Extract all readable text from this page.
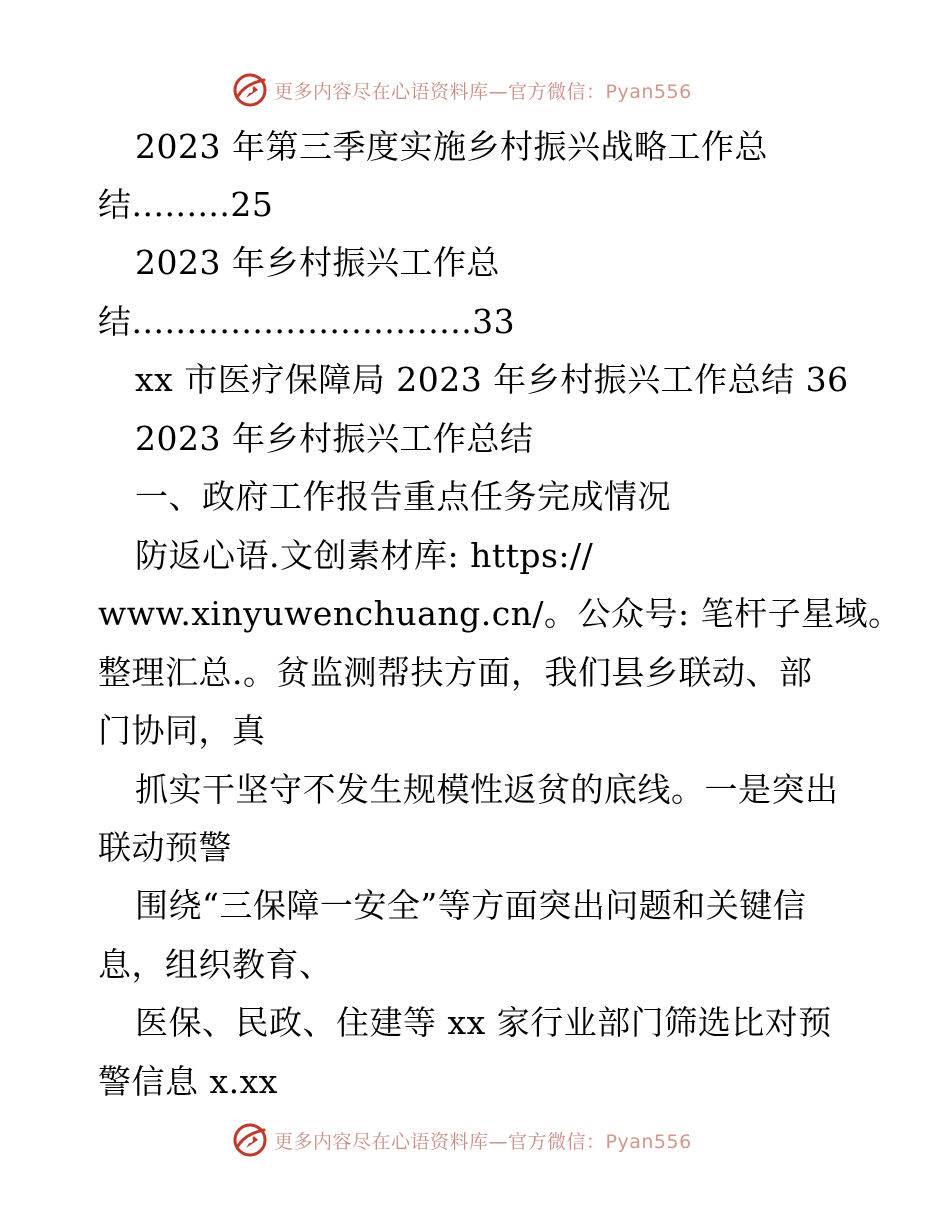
更多内容尽在心语资料库—官方微信：Pyan556
2023 年第三季度实施乡村振兴战略工作总
结.........25
2023 年乡村振兴工作总
结...............................33
xx 市医疗保障局 2023 年乡村振兴工作总结 36
2023 年乡村振兴工作总结
一、政府工作报告重点任务完成情况
防返心语.文创素材库: https://
www.xinyuwenchuang.cn/。公众号: 笔杆子星域。
整理汇总.。贫监测帮扶方面，我们县乡联动、部
门协同，真
抓实干坚守不发生规模性返贫的底线。一是突出
联动预警
围绕“三保障一安全”等方面突出问题和关键信
息，组织教育、
医保、民政、住建等 xx 家行业部门筛选比对预
警信息 x.xx
更多内容尽在心语资料库—官方微信：Pyan556
